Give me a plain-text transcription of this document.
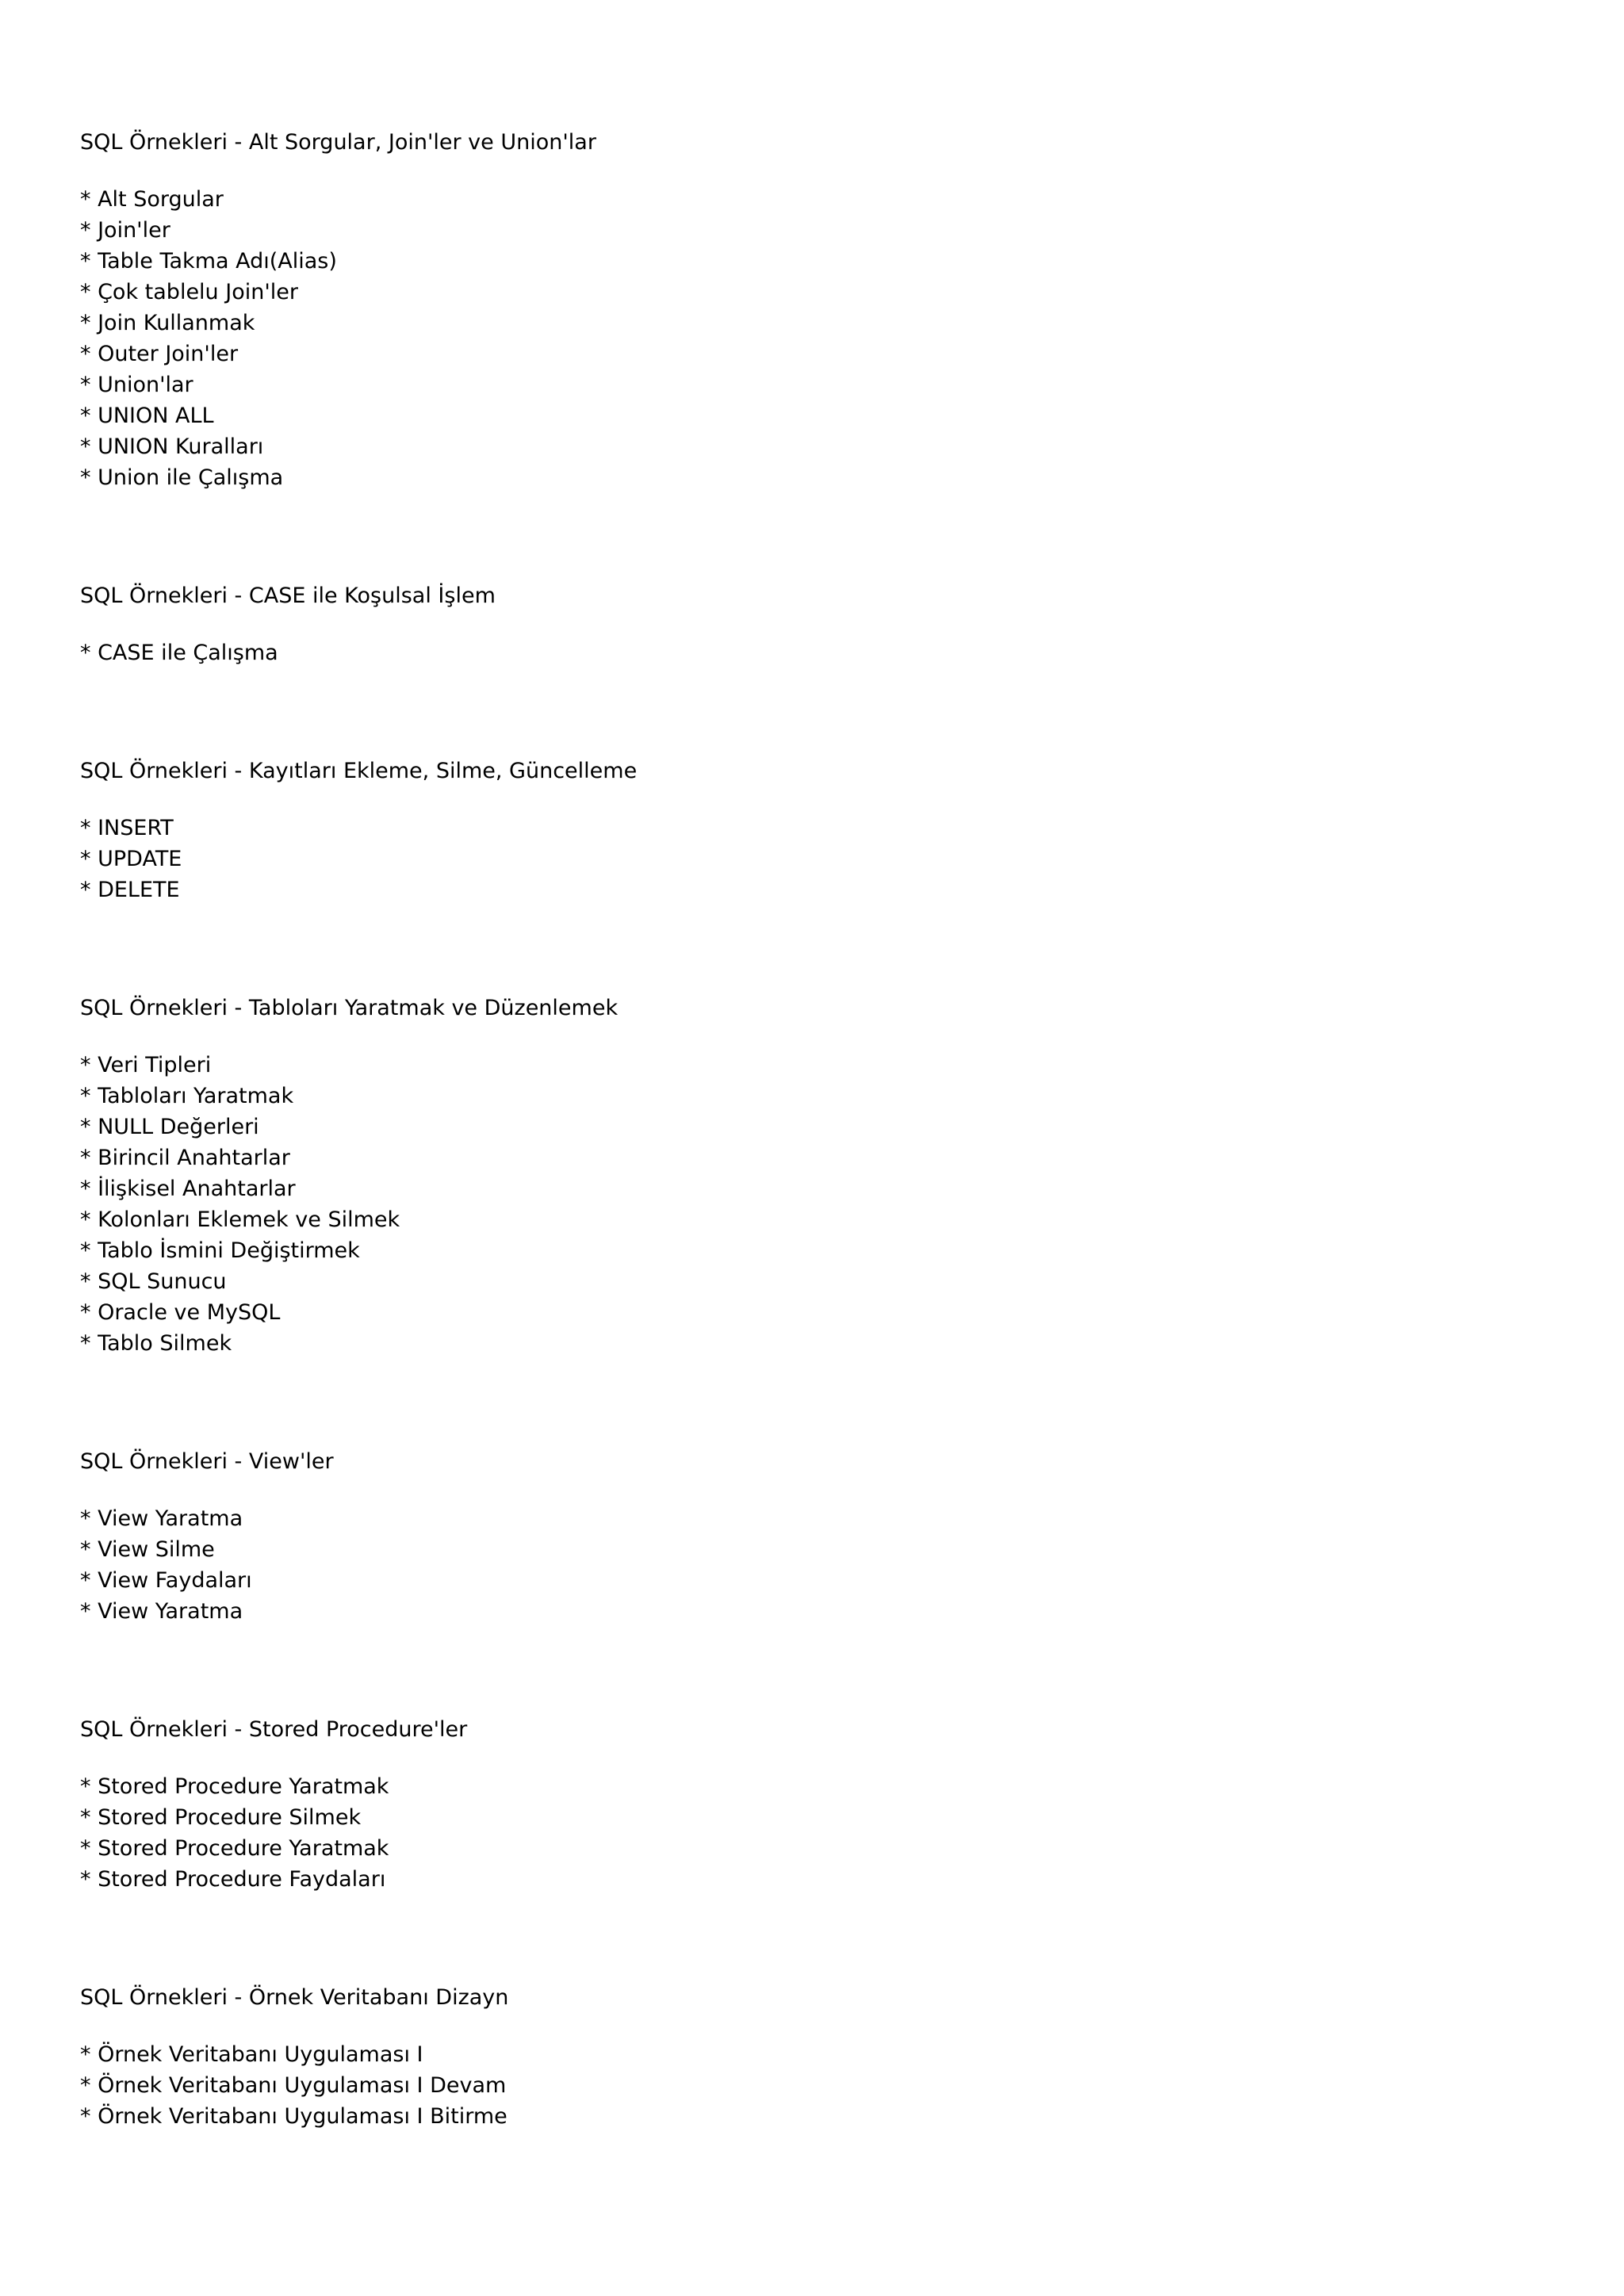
SQL Örnekleri - Alt Sorgular, Join'ler ve Union'lar
* Alt Sorgular
* Join'ler
* Table Takma Adı(Alias)
* Çok tablelu Join'ler
* Join Kullanmak
* Outer Join'ler
* Union'lar
* UNION ALL
* UNION Kuralları
* Union ile Çalışma
SQL Örnekleri - CASE ile Koşulsal İşlem
* CASE ile Çalışma
SQL Örnekleri - Kayıtları Ekleme, Silme, Güncelleme
* INSERT
* UPDATE
* DELETE
SQL Örnekleri - Tabloları Yaratmak ve Düzenlemek
* Veri Tipleri
* Tabloları Yaratmak
* NULL Değerleri
* Birincil Anahtarlar
* İlişkisel Anahtarlar
* Kolonları Eklemek ve Silmek
* Tablo İsmini Değiştirmek
* SQL Sunucu
* Oracle ve MySQL
* Tablo Silmek
SQL Örnekleri - View'ler
* View Yaratma
* View Silme
* View Faydaları
* View Yaratma
SQL Örnekleri - Stored Procedure'ler
* Stored Procedure Yaratmak
* Stored Procedure Silmek
* Stored Procedure Yaratmak
* Stored Procedure Faydaları
SQL Örnekleri - Örnek Veritabanı Dizayn
* Örnek Veritabanı Uygulaması I
* Örnek Veritabanı Uygulaması I Devam
* Örnek Veritabanı Uygulaması I Bitirme
